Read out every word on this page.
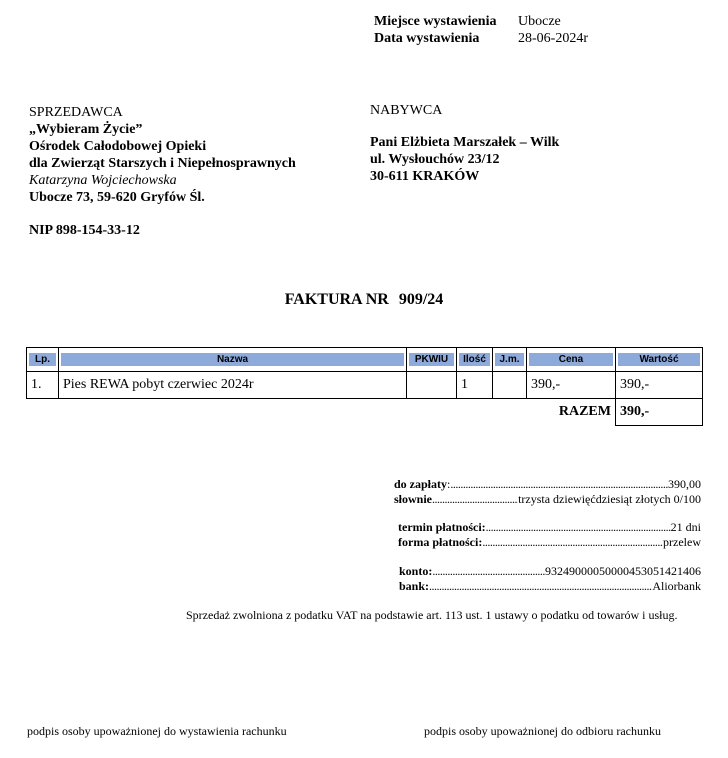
Miejsce wystawienia	Ubocze
Data wystawienia	28-06-2024r
SPRZEDAWCA
„Wybieram Życie”
Ośrodek Całodobowej Opieki
dla Zwierząt Starszych i Niepełnosprawnych
Katarzyna Wojciechowska
Ubocze 73, 59-620 Gryfów Śl.
NIP 898-154-33-12
NABYWCA
Pani Elżbieta Marszałek – Wilk
ul. Wysłouchów 23/12
30-611 KRAKÓW
FAKTURA NR 909/24
Lp.	Nazwa	PKWIU	Ilość	J.m.	Cena	Wartość

1.	Pies REWA pobyt czerwiec 2024r		1		390,-	390,-
RAZEM						390,-
do zapłaty : .....	390,00
słownie .....	trzysta dziewięćdziesiąt złotych 0/100
termin płatności: .....	21 dni
forma płatności: .....	przelew
konto: .....	93249000050000453051421406
bank: .....	Aliorbank
Sprzedaż zwolniona z podatku VAT na podstawie art. 113 ust. 1 ustawy o podatku od towarów i usług.
podpis osoby upoważnionej do wystawienia rachunku	podpis osoby upoważnionej do odbioru rachunku
